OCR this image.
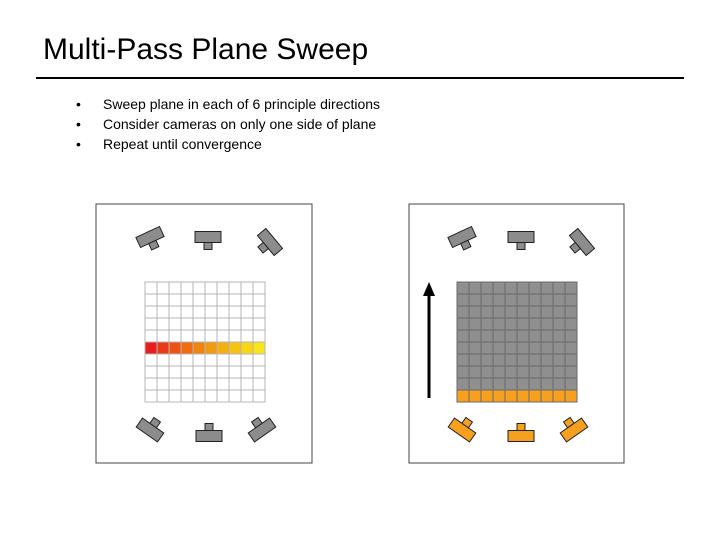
Multi-Pass Plane Sweep
•	Sweep plane in each of 6 principle directions
•	Consider cameras on only one side of plane
•	Repeat until convergence
